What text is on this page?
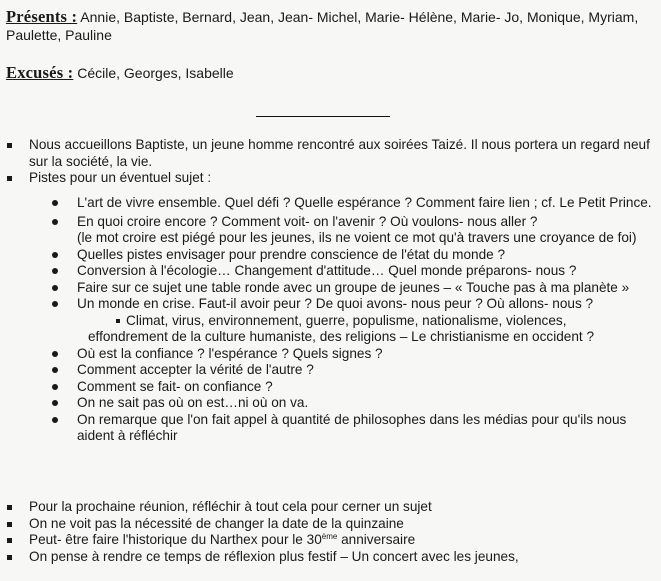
Présents : Annie, Baptiste, Bernard, Jean, Jean- Michel, Marie- Hélène, Marie- Jo, Monique, Myriam, Paulette, Pauline
Excusés : Cécile, Georges, Isabelle
Nous accueillons Baptiste, un jeune homme rencontré aux soirées Taizé. Il nous portera un regard neuf sur la société, la vie.
Pistes pour un éventuel sujet :
L'art de vivre ensemble. Quel défi ? Quelle espérance ? Comment faire lien ; cf. Le Petit Prince.
En quoi croire encore ? Comment voit- on l'avenir ? Où voulons- nous aller ?
(le mot croire est piégé pour les jeunes, ils ne voient ce mot qu'à travers une croyance de foi)
Quelles pistes envisager pour prendre conscience de l'état du monde ?
Conversion à l'écologie… Changement d'attitude… Quel monde préparons- nous ?
Faire sur ce sujet une table ronde avec un groupe de jeunes – « Touche pas à ma planète »
Un monde en crise. Faut-il avoir peur ? De quoi avons- nous peur ? Où allons- nous ?
Climat, virus, environnement, guerre, populisme, nationalisme, violences,
effondrement de la culture humaniste, des religions – Le christianisme en occident ?
Où est la confiance ? l'espérance ? Quels signes ?
Comment accepter la vérité de l'autre ?
Comment se fait- on confiance ?
On ne sait pas où on est…ni où on va.
On remarque que l'on fait appel à quantité de philosophes dans les médias pour qu'ils nous aident à réfléchir
Pour la prochaine réunion, réfléchir à tout cela pour cerner un sujet
On ne voit pas la nécessité de changer la date de la quinzaine
Peut- être faire l'historique du Narthex pour le 30ème anniversaire
On pense à rendre ce temps de réflexion plus festif – Un concert avec les jeunes,
